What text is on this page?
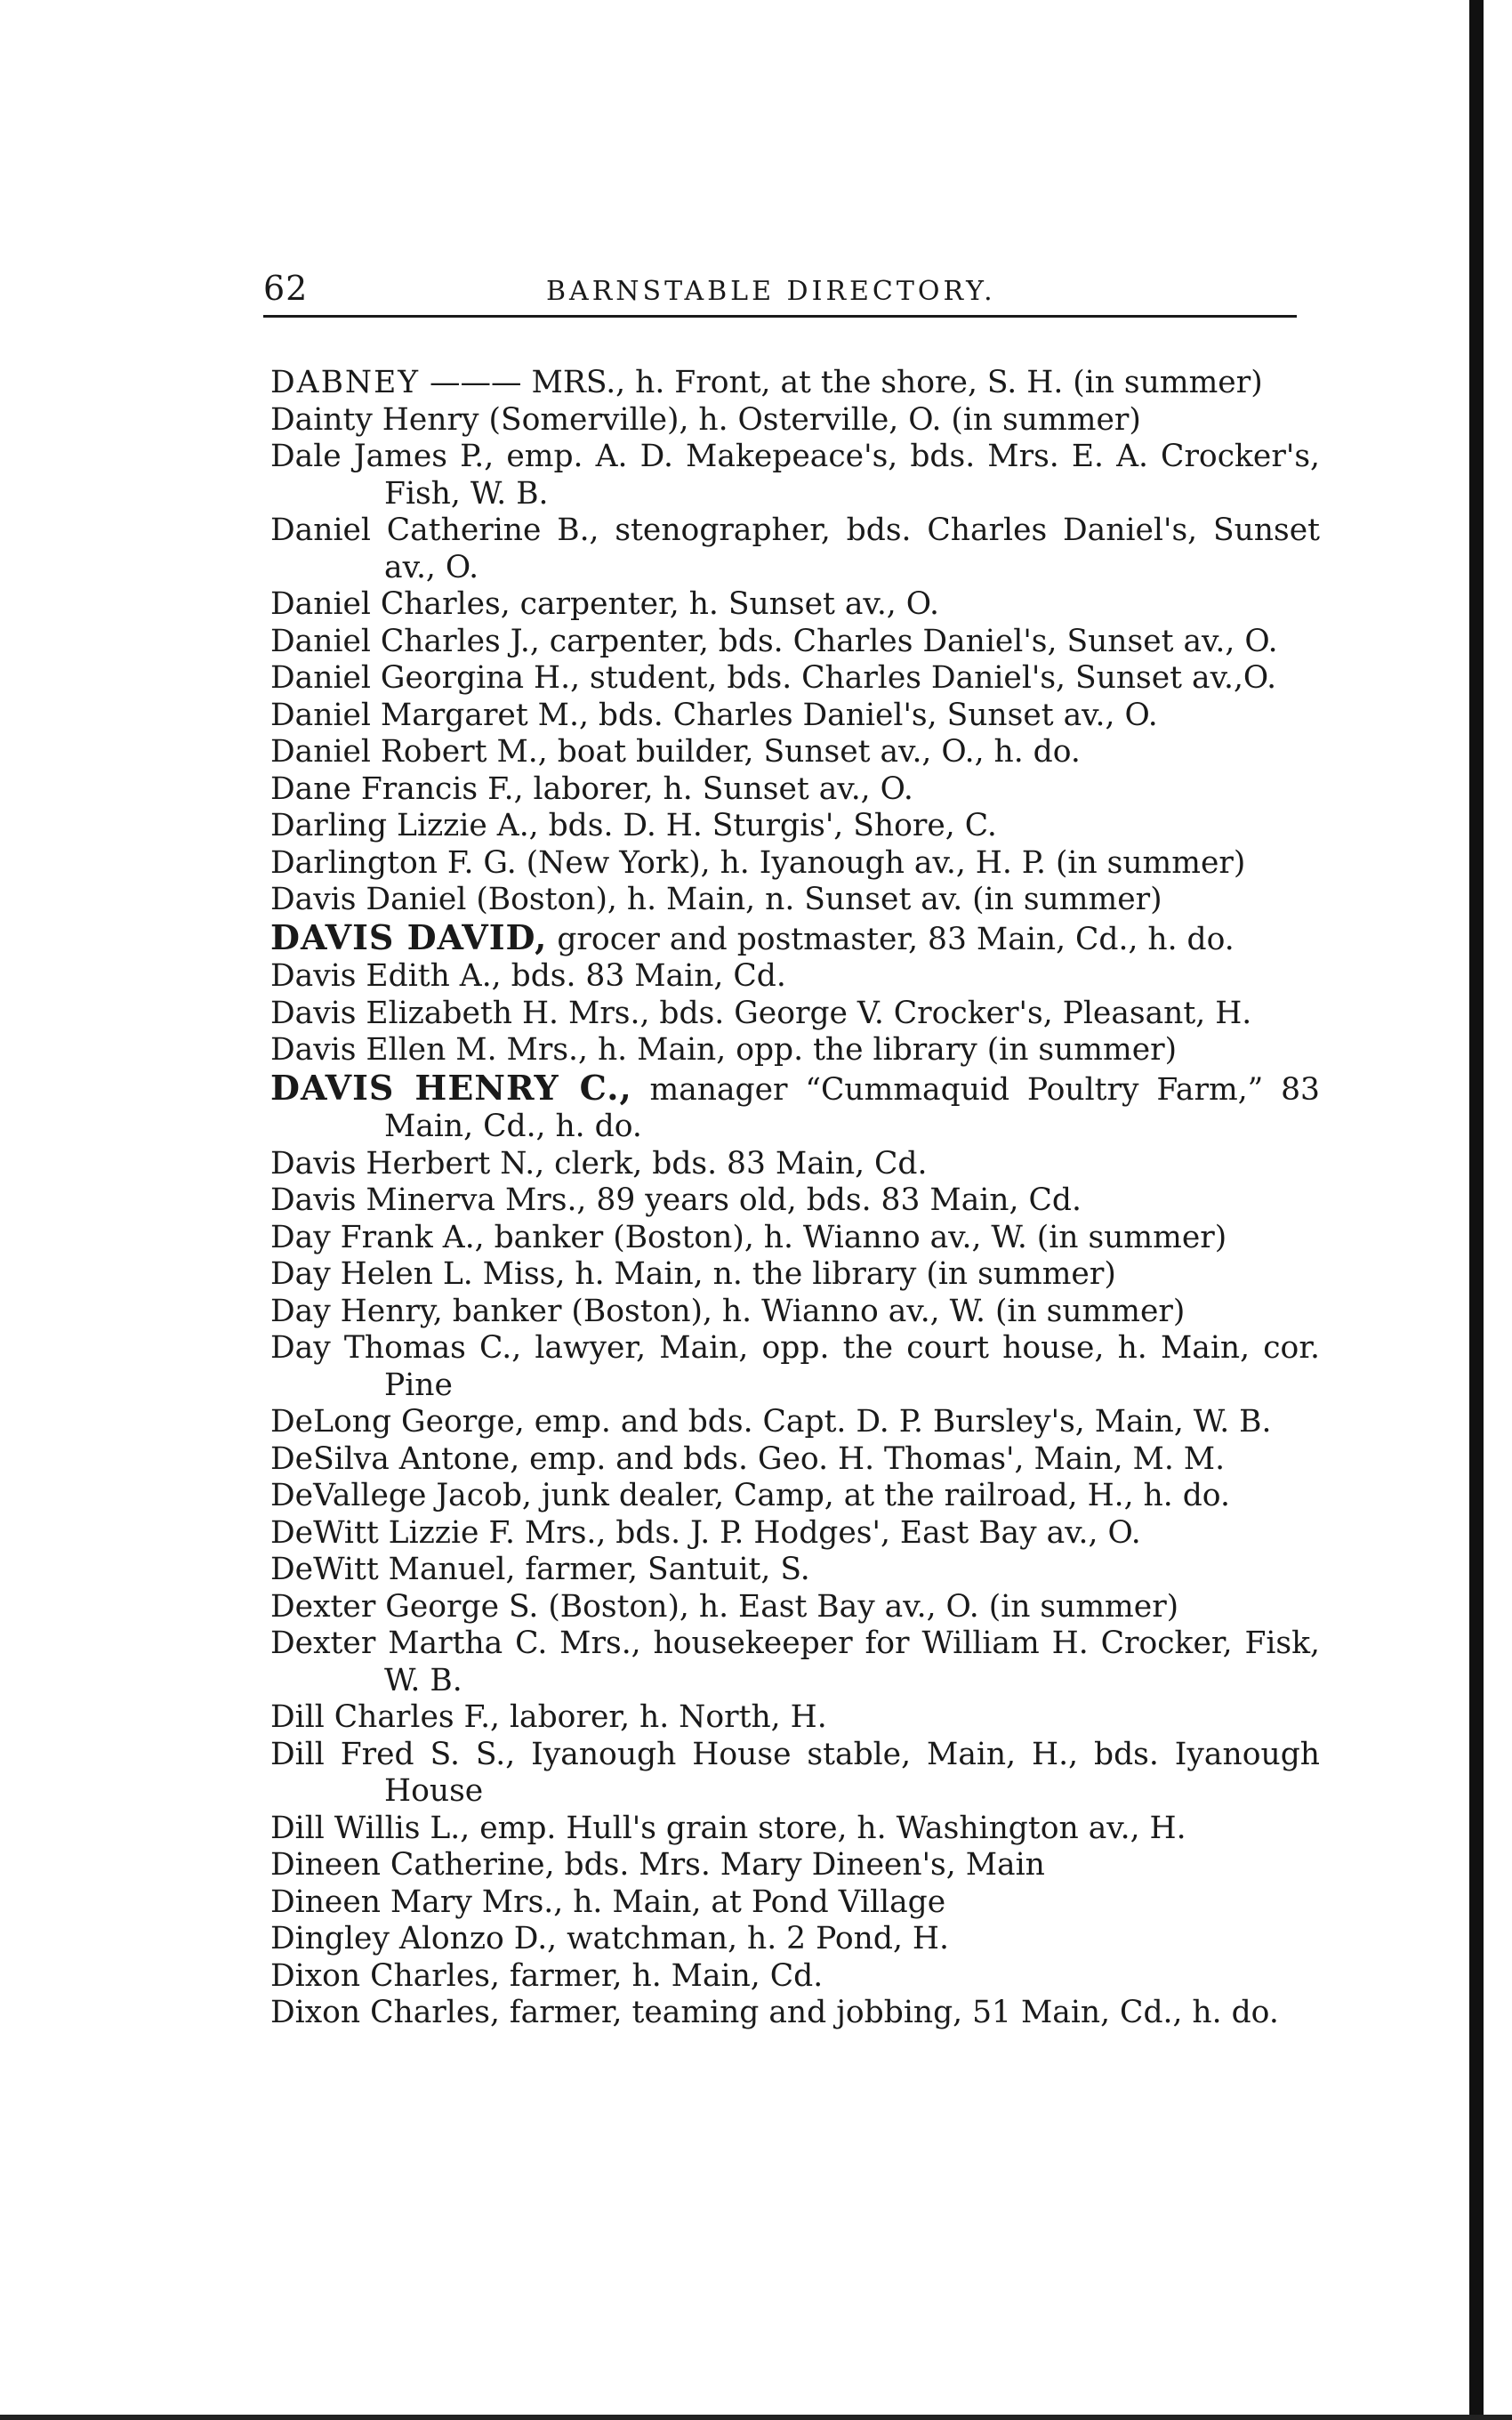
62	BARNSTABLE DIRECTORY.

DABNEY ——— MRS., h. Front, at the shore, S. H. (in summer)

Dainty Henry (Somerville), h. Osterville, O. (in summer)

Dale James P., emp. A. D. Makepeace's, bds. Mrs. E. A. Crocker's, Fish, W. B.

Daniel Catherine B., stenographer, bds. Charles Daniel's, Sunset av., O.

Daniel Charles, carpenter, h. Sunset av., O.

Daniel Charles J., carpenter, bds. Charles Daniel's, Sunset av., O.

Daniel Georgina H., student, bds. Charles Daniel's, Sunset av.,O.

Daniel Margaret M., bds. Charles Daniel's, Sunset av., O.

Daniel Robert M., boat builder, Sunset av., O., h. do.

Dane Francis F., laborer, h. Sunset av., O.

Darling Lizzie A., bds. D. H. Sturgis', Shore, C.

Darlington F. G. (New York), h. Iyanough av., H. P. (in summer)

Davis Daniel (Boston), h. Main, n. Sunset av. (in summer)

DAVIS DAVID, grocer and postmaster, 83 Main, Cd., h. do.

Davis Edith A., bds. 83 Main, Cd.

Davis Elizabeth H. Mrs., bds. George V. Crocker's, Pleasant, H.

Davis Ellen M. Mrs., h. Main, opp. the library (in summer)

DAVIS HENRY C., manager “Cummaquid Poultry Farm,” 83 Main, Cd., h. do.

Davis Herbert N., clerk, bds. 83 Main, Cd.

Davis Minerva Mrs., 89 years old, bds. 83 Main, Cd.

Day Frank A., banker (Boston), h. Wianno av., W. (in summer)

Day Helen L. Miss, h. Main, n. the library (in summer)

Day Henry, banker (Boston), h. Wianno av., W. (in summer)

Day Thomas C., lawyer, Main, opp. the court house, h. Main, cor. Pine

DeLong George, emp. and bds. Capt. D. P. Bursley's, Main, W. B.

DeSilva Antone, emp. and bds. Geo. H. Thomas', Main, M. M.

DeVallege Jacob, junk dealer, Camp, at the railroad, H., h. do.

DeWitt Lizzie F. Mrs., bds. J. P. Hodges', East Bay av., O.

DeWitt Manuel, farmer, Santuit, S.

Dexter George S. (Boston), h. East Bay av., O. (in summer)

Dexter Martha C. Mrs., housekeeper for William H. Crocker, Fisk, W. B.

Dill Charles F., laborer, h. North, H.

Dill Fred S. S., Iyanough House stable, Main, H., bds. Iyanough House

Dill Willis L., emp. Hull's grain store, h. Washington av., H.

Dineen Catherine, bds. Mrs. Mary Dineen's, Main

Dineen Mary Mrs., h. Main, at Pond Village

Dingley Alonzo D., watchman, h. 2 Pond, H.

Dixon Charles, farmer, h. Main, Cd.

Dixon Charles, farmer, teaming and jobbing, 51 Main, Cd., h. do.
